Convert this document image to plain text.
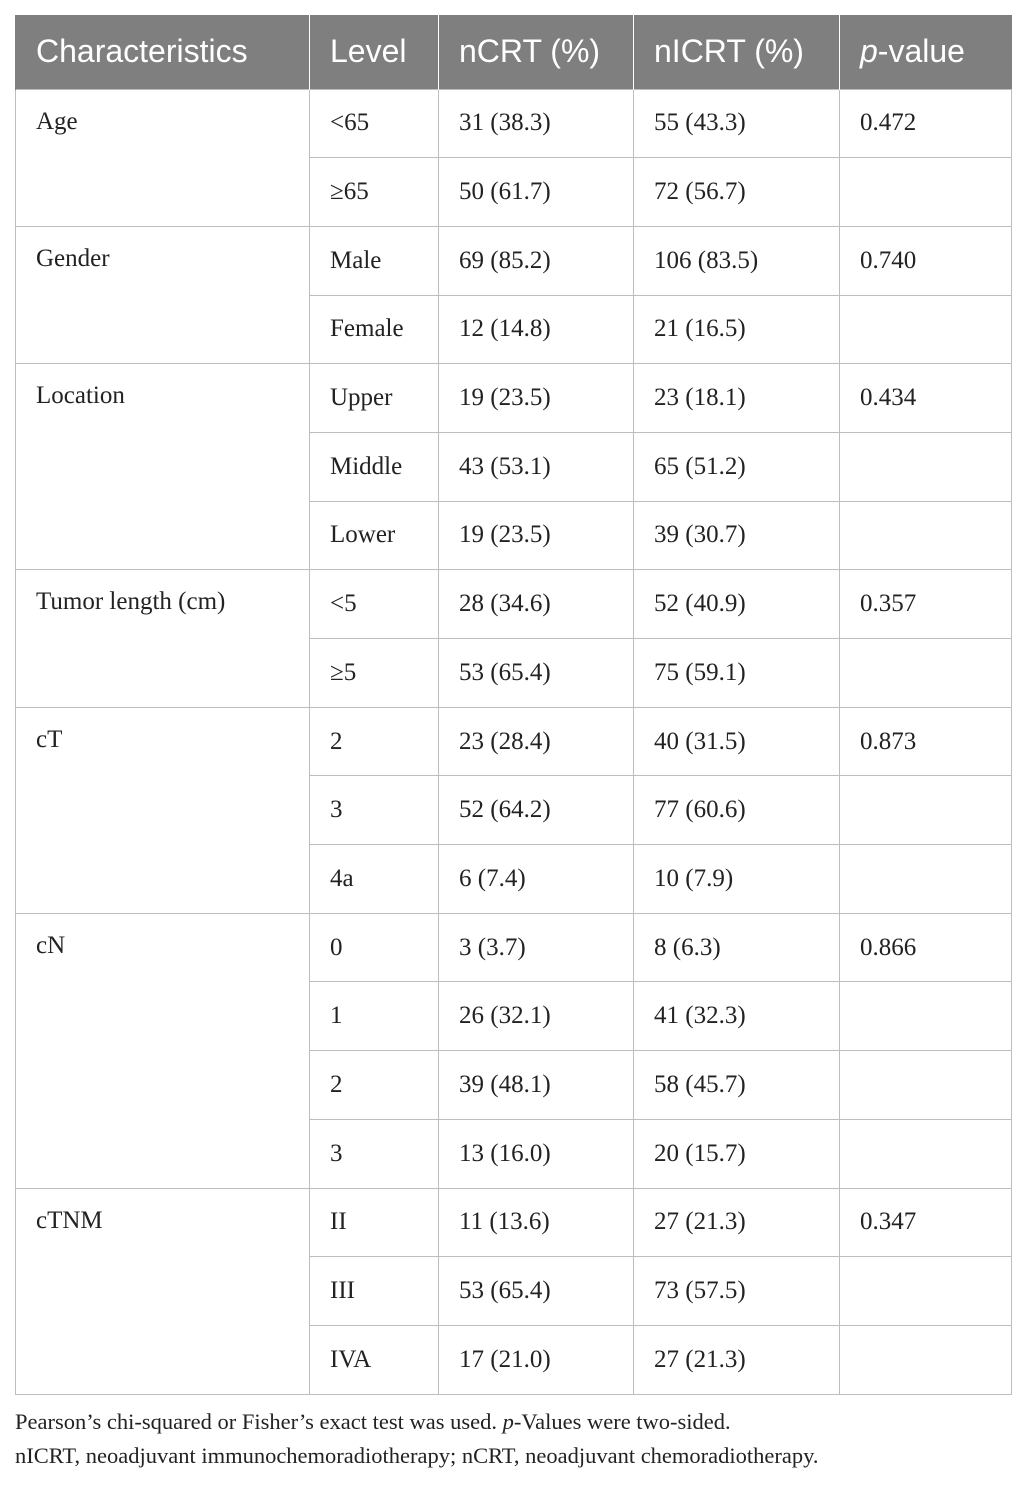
Characteristics	Level	nCRT (%)	nICRT (%)	p-value
Age	<65	31 (38.3)	55 (43.3)	0.472
	≥65	50 (61.7)	72 (56.7)	
Gender	Male	69 (85.2)	106 (83.5)	0.740
	Female	12 (14.8)	21 (16.5)	
Location	Upper	19 (23.5)	23 (18.1)	0.434
	Middle	43 (53.1)	65 (51.2)	
	Lower	19 (23.5)	39 (30.7)	
Tumor length (cm)	<5	28 (34.6)	52 (40.9)	0.357
	≥5	53 (65.4)	75 (59.1)	
cT	2	23 (28.4)	40 (31.5)	0.873
	3	52 (64.2)	77 (60.6)	
	4a	6 (7.4)	10 (7.9)	
cN	0	3 (3.7)	8 (6.3)	0.866
	1	26 (32.1)	41 (32.3)	
	2	39 (48.1)	58 (45.7)	
	3	13 (16.0)	20 (15.7)	
cTNM	II	11 (13.6)	27 (21.3)	0.347
	III	53 (65.4)	73 (57.5)	
	IVA	17 (21.0)	27 (21.3)	
Pearson’s chi-squared or Fisher’s exact test was used. p-Values were two-sided.
nICRT, neoadjuvant immunochemoradiotherapy; nCRT, neoadjuvant chemoradiotherapy.
